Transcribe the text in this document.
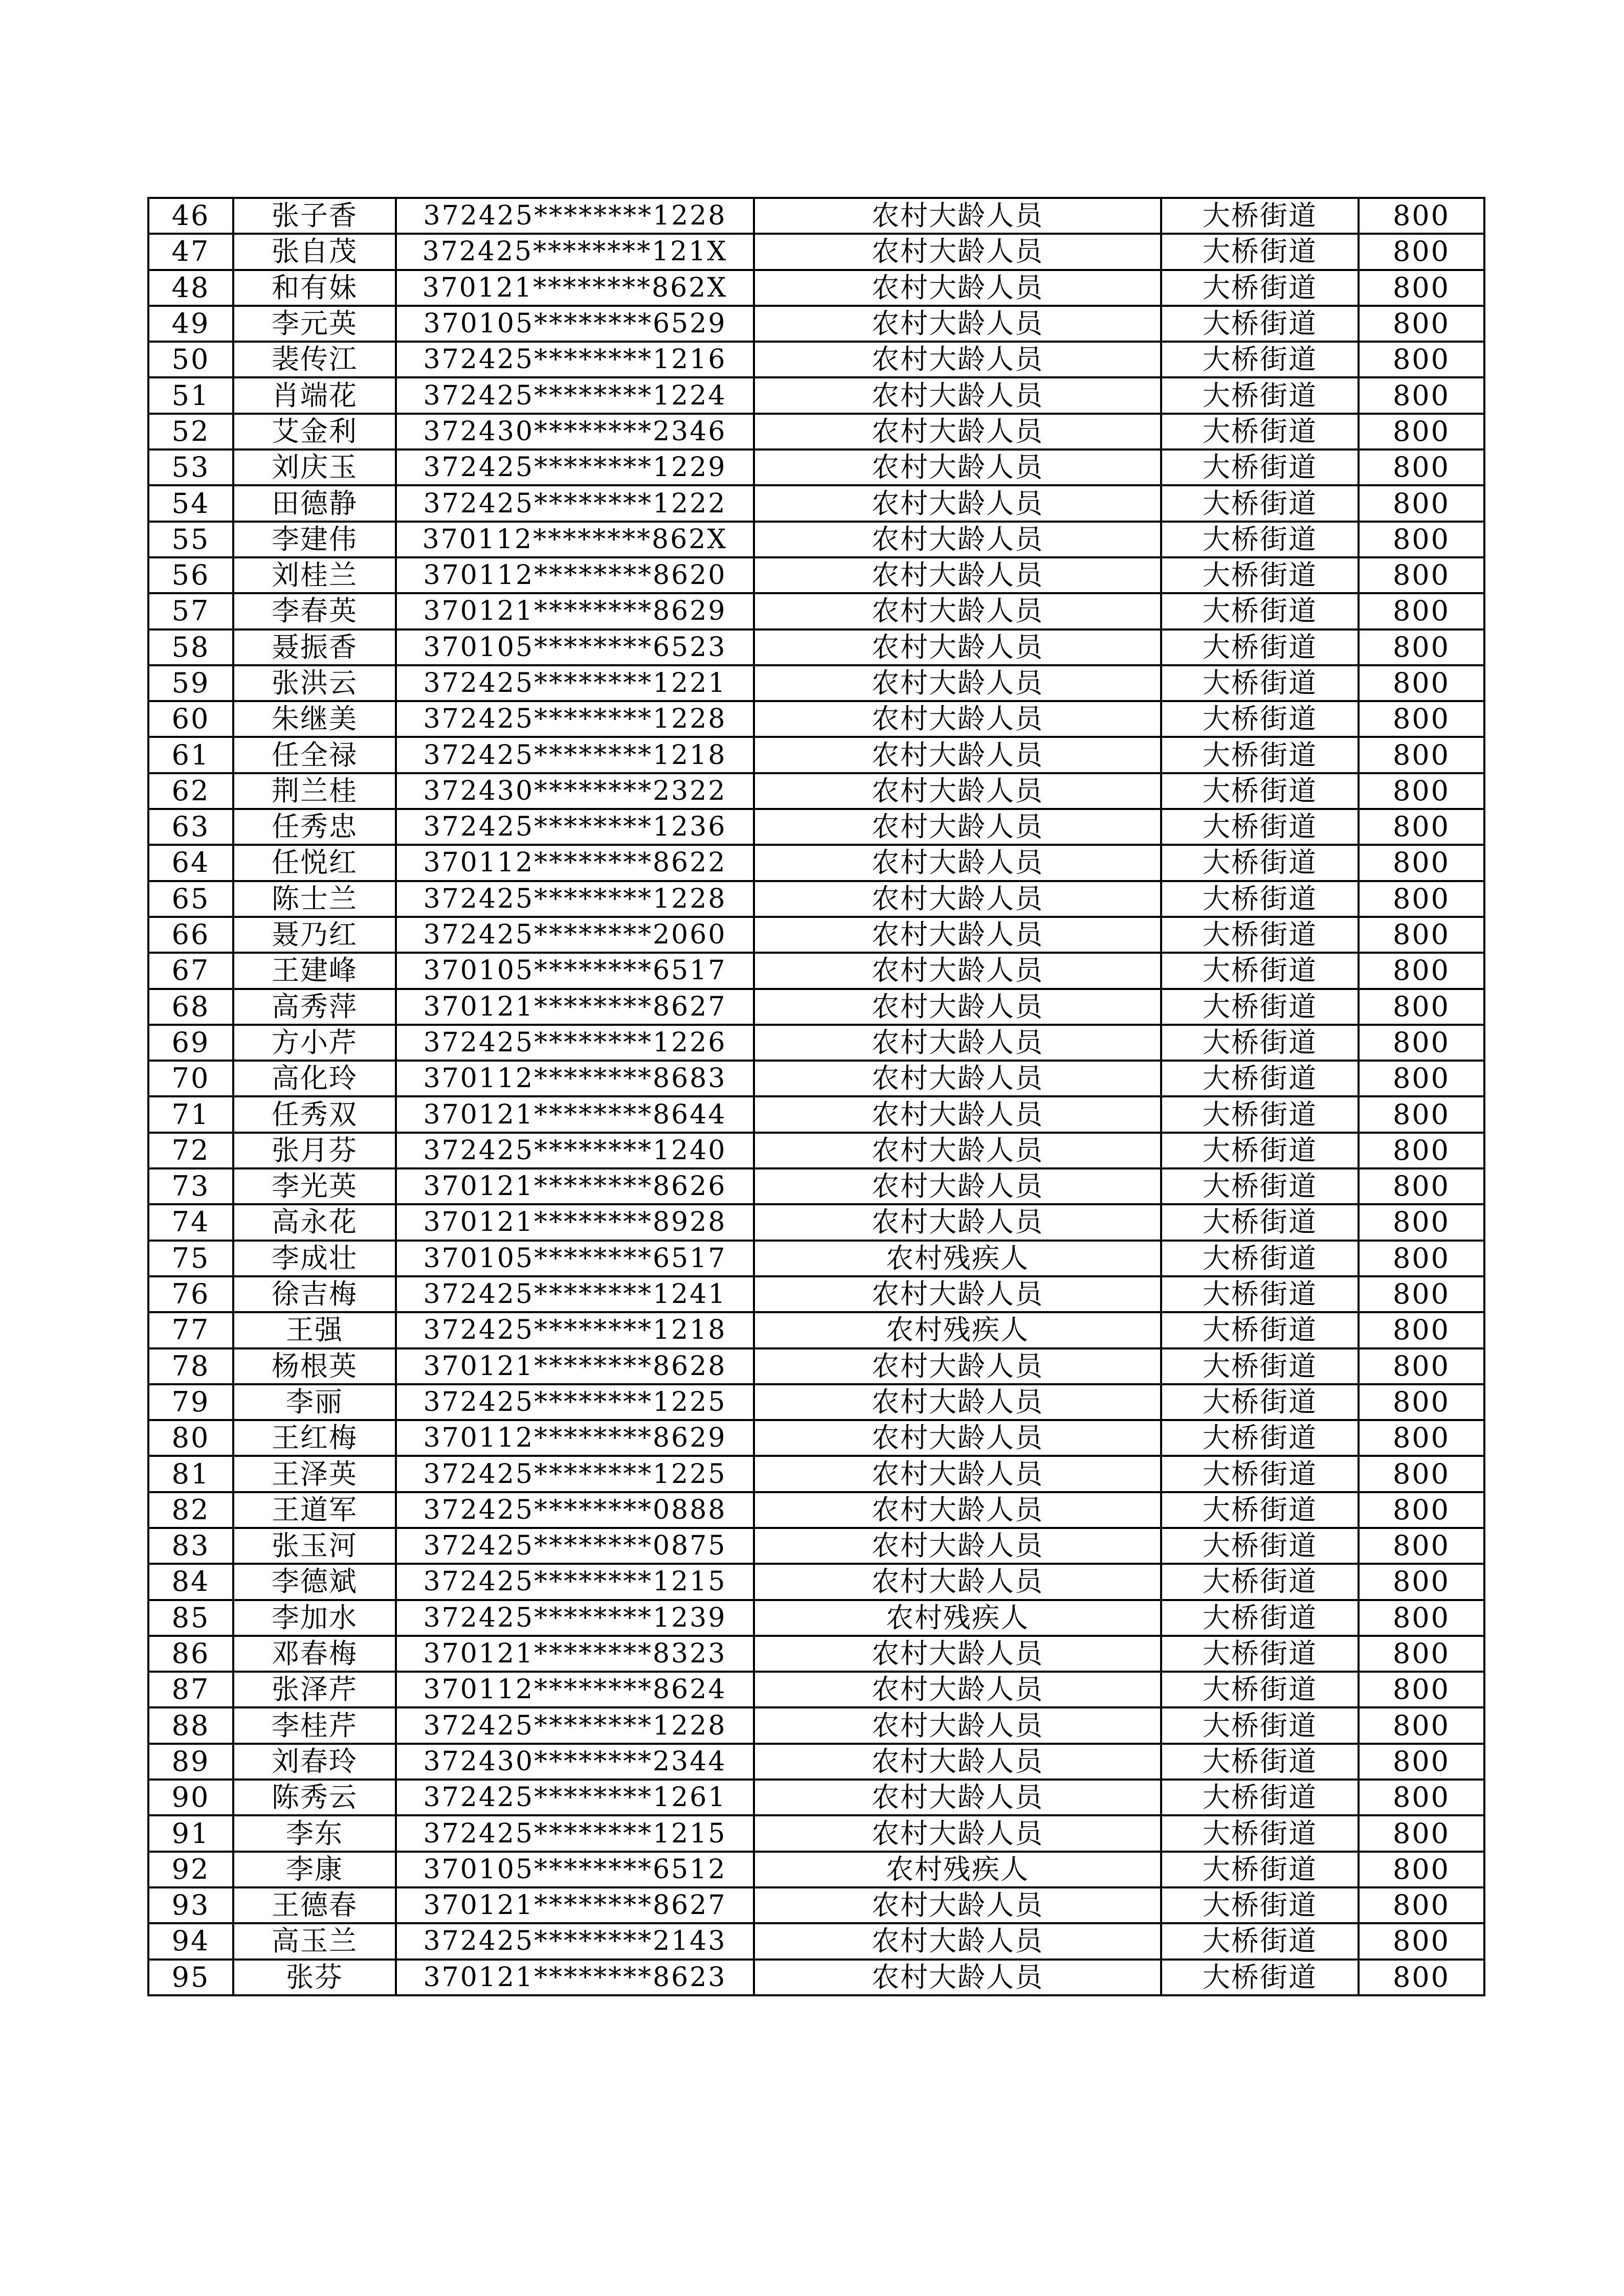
46	张子香	372425********1228	农村大龄人员	大桥街道	800
47	张自茂	372425********121X	农村大龄人员	大桥街道	800
48	和有妹	370121********862X	农村大龄人员	大桥街道	800
49	李元英	370105********6529	农村大龄人员	大桥街道	800
50	裴传江	372425********1216	农村大龄人员	大桥街道	800
51	肖端花	372425********1224	农村大龄人员	大桥街道	800
52	艾金利	372430********2346	农村大龄人员	大桥街道	800
53	刘庆玉	372425********1229	农村大龄人员	大桥街道	800
54	田德静	372425********1222	农村大龄人员	大桥街道	800
55	李建伟	370112********862X	农村大龄人员	大桥街道	800
56	刘桂兰	370112********8620	农村大龄人员	大桥街道	800
57	李春英	370121********8629	农村大龄人员	大桥街道	800
58	聂振香	370105********6523	农村大龄人员	大桥街道	800
59	张洪云	372425********1221	农村大龄人员	大桥街道	800
60	朱继美	372425********1228	农村大龄人员	大桥街道	800
61	任全禄	372425********1218	农村大龄人员	大桥街道	800
62	荆兰桂	372430********2322	农村大龄人员	大桥街道	800
63	任秀忠	372425********1236	农村大龄人员	大桥街道	800
64	任悦红	370112********8622	农村大龄人员	大桥街道	800
65	陈士兰	372425********1228	农村大龄人员	大桥街道	800
66	聂乃红	372425********2060	农村大龄人员	大桥街道	800
67	王建峰	370105********6517	农村大龄人员	大桥街道	800
68	高秀萍	370121********8627	农村大龄人员	大桥街道	800
69	方小芹	372425********1226	农村大龄人员	大桥街道	800
70	高化玲	370112********8683	农村大龄人员	大桥街道	800
71	任秀双	370121********8644	农村大龄人员	大桥街道	800
72	张月芬	372425********1240	农村大龄人员	大桥街道	800
73	李光英	370121********8626	农村大龄人员	大桥街道	800
74	高永花	370121********8928	农村大龄人员	大桥街道	800
75	李成壮	370105********6517	农村残疾人	大桥街道	800
76	徐吉梅	372425********1241	农村大龄人员	大桥街道	800
77	王强	372425********1218	农村残疾人	大桥街道	800
78	杨根英	370121********8628	农村大龄人员	大桥街道	800
79	李丽	372425********1225	农村大龄人员	大桥街道	800
80	王红梅	370112********8629	农村大龄人员	大桥街道	800
81	王泽英	372425********1225	农村大龄人员	大桥街道	800
82	王道军	372425********0888	农村大龄人员	大桥街道	800
83	张玉河	372425********0875	农村大龄人员	大桥街道	800
84	李德斌	372425********1215	农村大龄人员	大桥街道	800
85	李加水	372425********1239	农村残疾人	大桥街道	800
86	邓春梅	370121********8323	农村大龄人员	大桥街道	800
87	张泽芹	370112********8624	农村大龄人员	大桥街道	800
88	李桂芹	372425********1228	农村大龄人员	大桥街道	800
89	刘春玲	372430********2344	农村大龄人员	大桥街道	800
90	陈秀云	372425********1261	农村大龄人员	大桥街道	800
91	李东	372425********1215	农村大龄人员	大桥街道	800
92	李康	370105********6512	农村残疾人	大桥街道	800
93	王德春	370121********8627	农村大龄人员	大桥街道	800
94	高玉兰	372425********2143	农村大龄人员	大桥街道	800
95	张芬	370121********8623	农村大龄人员	大桥街道	800
